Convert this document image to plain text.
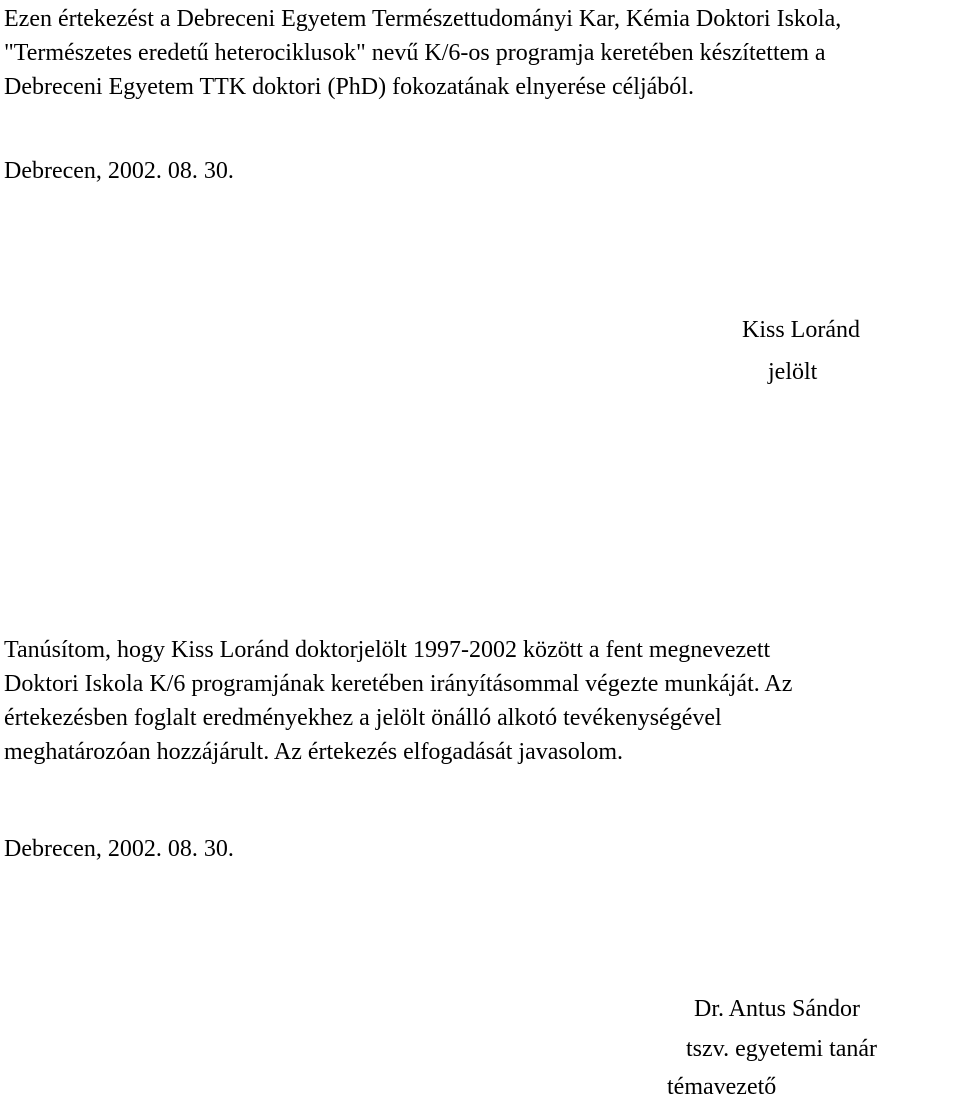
Ezen értekezést a Debreceni Egyetem Természettudományi Kar, Kémia Doktori Iskola,
"Természetes eredetű heterociklusok" nevű K/6-os programja keretében készítettem a
Debreceni Egyetem TTK doktori (PhD) fokozatának elnyerése céljából.
Debrecen, 2002. 08. 30.
Kiss Loránd
jelölt
Tanúsítom, hogy Kiss Loránd doktorjelölt 1997-2002 között a fent megnevezett
Doktori Iskola K/6 programjának keretében irányításommal végezte munkáját. Az
értekezésben foglalt eredményekhez a jelölt önálló alkotó tevékenységével
meghatározóan hozzájárult. Az értekezés elfogadását javasolom.
Debrecen, 2002. 08. 30.
Dr. Antus Sándor
tszv. egyetemi tanár
témavezető
